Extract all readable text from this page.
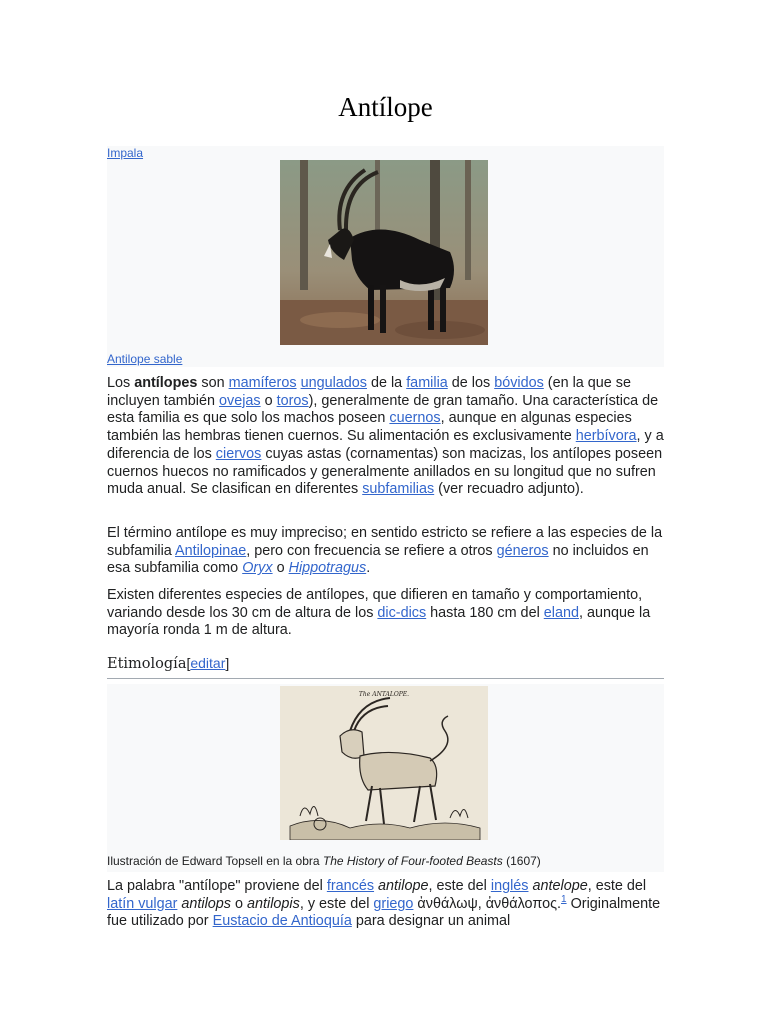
Antílope
Impala
Antilope sable

Los antílopes son mamíferos ungulados de la familia de los bóvidos (en la que se incluyen también ovejas o toros), generalmente de gran tamaño. Una característica de esta familia es que solo los machos poseen cuernos, aunque en algunas especies también las hembras tienen cuernos. Su alimentación es exclusivamente herbívora, y a diferencia de los ciervos cuyas astas (cornamentas) son macizas, los antílopes poseen cuernos huecos no ramificados y generalmente anillados en su longitud que no sufren muda anual. Se clasifican en diferentes subfamilias (ver recuadro adjunto).

El término antílope es muy impreciso; en sentido estricto se refiere a las especies de la subfamilia Antilopinae, pero con frecuencia se refiere a otros géneros no incluidos en esa subfamilia como Oryx o Hippotragus.

Existen diferentes especies de antílopes, que difieren en tamaño y comportamiento, variando desde los 30 cm de altura de los dic-dics hasta 180 cm del eland, aunque la mayoría ronda 1 m de altura.

Etimología[editar]
The ANTALOPE.
Ilustración de Edward Topsell en la obra The History of Four-footed Beasts (1607)

La palabra "antílope" proviene del francés antilope, este del inglés antelope, este del latín vulgar antilops o antilopis, y este del griego ἀνθάλωψ, ἀνθάλοπος.$^1$ Originalmente fue utilizado por Eustacio de Antioquía para designar un animal
